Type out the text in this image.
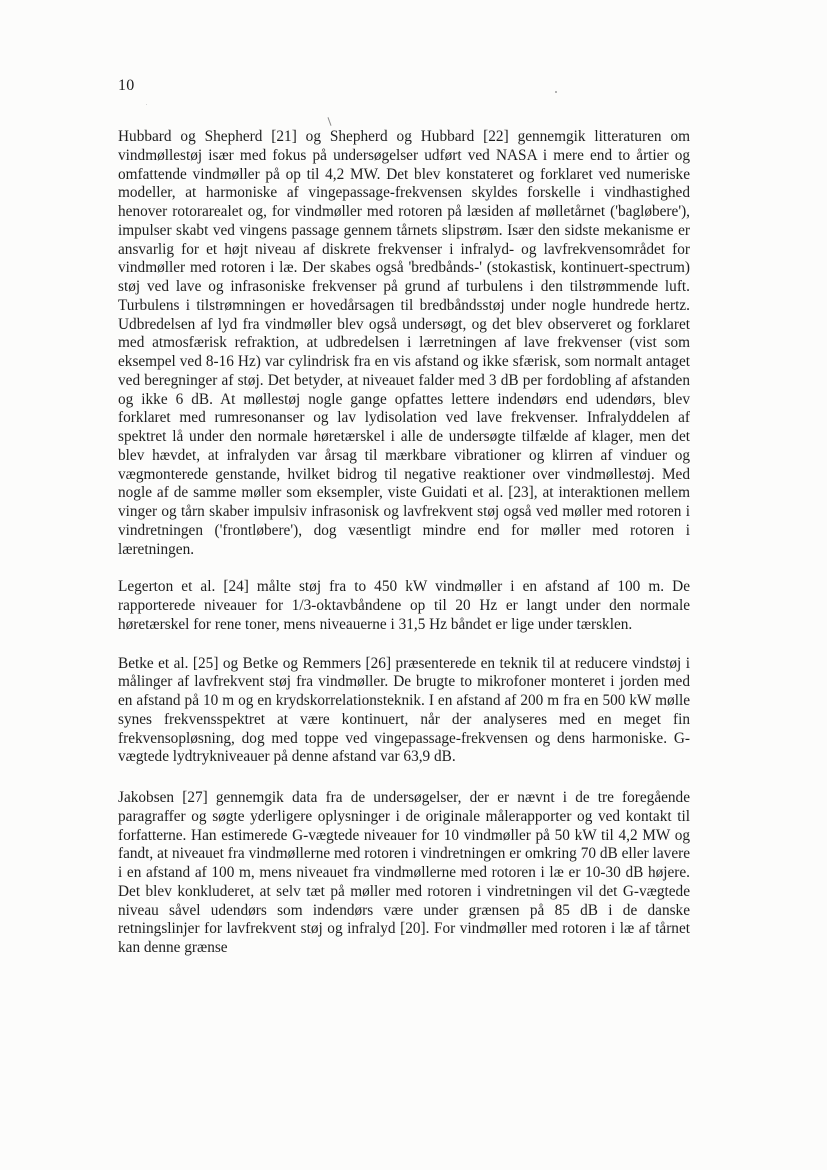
10

Hubbard og Shepherd [21] og Shepherd og Hubbard [22] gennemgik litteraturen om vindmøllestøj især med fokus på undersøgelser udført ved NASA i mere end to årtier og omfattende vindmøller på op til 4,2 MW. Det blev konstateret og forklaret ved numeriske modeller, at harmoniske af vingepassage-frekvensen skyldes forskelle i vindhastighed henover rotorarealet og, for vindmøller med rotoren på læsiden af mølletårnet ('bagløbere'), impulser skabt ved vingens passage gennem tårnets slipstrøm. Især den sidste mekanisme er ansvarlig for et højt niveau af diskrete frekvenser i infralyd- og lavfrekvensområdet for vindmøller med rotoren i læ. Der skabes også 'bredbånds-' (stokastisk, kontinuert-spectrum) støj ved lave og infrasoniske frekvenser på grund af turbulens i den tilstrømmende luft. Turbulens i tilstrømningen er hovedårsagen til bredbåndsstøj under nogle hundrede hertz. Udbredelsen af lyd fra vindmøller blev også undersøgt, og det blev observeret og forklaret med atmosfærisk refraktion, at udbredelsen i lærretningen af lave frekvenser (vist som eksempel ved 8-16 Hz) var cylindrisk fra en vis afstand og ikke sfærisk, som normalt antaget ved beregninger af støj. Det betyder, at niveauet falder med 3 dB per fordobling af afstanden og ikke 6 dB. At møllestøj nogle gange opfattes lettere indendørs end udendørs, blev forklaret med rumresonanser og lav lydisolation ved lave frekvenser. Infralyddelen af spektret lå under den normale høretærskel i alle de undersøgte tilfælde af klager, men det blev hævdet, at infralyden var årsag til mærkbare vibrationer og klirren af vinduer og vægmonterede genstande, hvilket bidrog til negative reaktioner over vindmøllestøj. Med nogle af de samme møller som eksempler, viste Guidati et al. [23], at interaktionen mellem vinger og tårn skaber impulsiv infrasonisk og lavfrekvent støj også ved møller med rotoren i vindretningen ('frontløbere'), dog væsentligt mindre end for møller med rotoren i læretningen.

Legerton et al. [24] målte støj fra to 450 kW vindmøller i en afstand af 100 m. De rapporterede niveauer for 1/3-oktavbåndene op til 20 Hz er langt under den normale høretærskel for rene toner, mens niveauerne i 31,5 Hz båndet er lige under tærsklen.

Betke et al. [25] og Betke og Remmers [26] præsenterede en teknik til at reducere vindstøj i målinger af lavfrekvent støj fra vindmøller. De brugte to mikrofoner monteret i jorden med en afstand på 10 m og en krydskorrelationsteknik. I en afstand af 200 m fra en 500 kW mølle synes frekvensspektret at være kontinuert, når der analyseres med en meget fin frekvensopløsning, dog med toppe ved vingepassage-frekvensen og dens harmoniske. G-vægtede lydtrykniveauer på denne afstand var 63,9 dB.

Jakobsen [27] gennemgik data fra de undersøgelser, der er nævnt i de tre foregående paragraffer og søgte yderligere oplysninger i de originale målerapporter og ved kontakt til forfatterne. Han estimerede G-vægtede niveauer for 10 vindmøller på 50 kW til 4,2 MW og fandt, at niveauet fra vindmøllerne med rotoren i vindretningen er omkring 70 dB eller lavere i en afstand af 100 m, mens niveauet fra vindmøllerne med rotoren i læ er 10-30 dB højere. Det blev konkluderet, at selv tæt på møller med rotoren i vindretningen vil det G-vægtede niveau såvel udendørs som indendørs være under grænsen på 85 dB i de danske retningslinjer for lavfrekvent støj og infralyd [20]. For vindmøller med rotoren i læ af tårnet kan denne grænse
